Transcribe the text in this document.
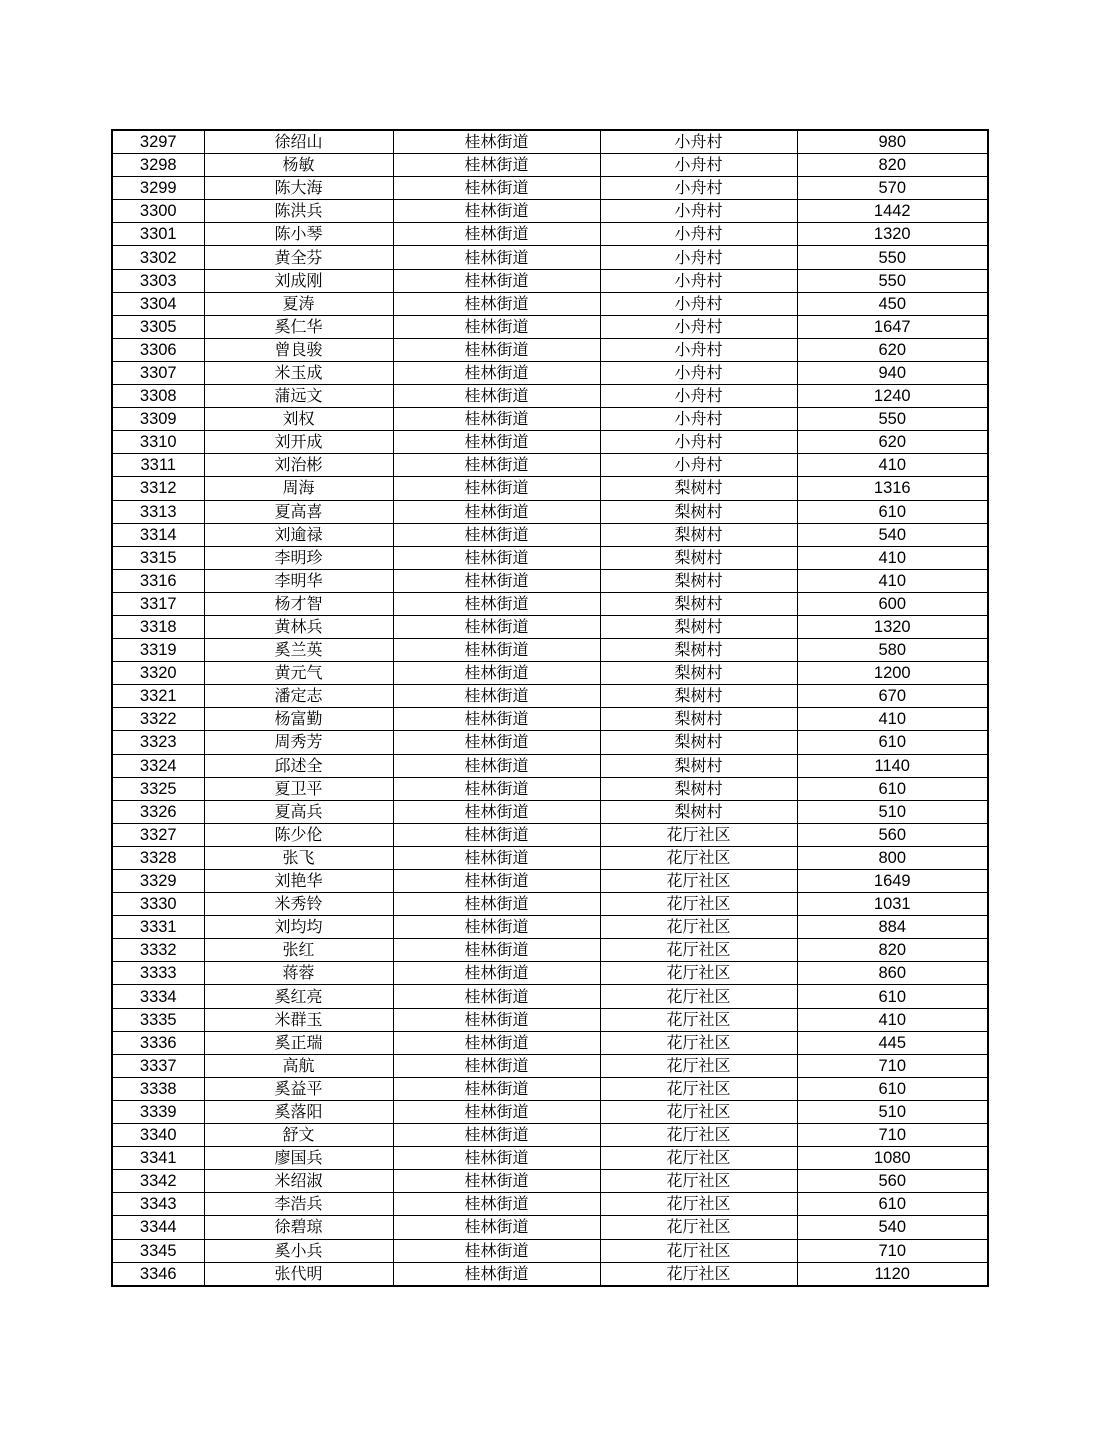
3297	徐绍山	桂林街道	小舟村	980
3298	杨敏	桂林街道	小舟村	820
3299	陈大海	桂林街道	小舟村	570
3300	陈洪兵	桂林街道	小舟村	1442
3301	陈小琴	桂林街道	小舟村	1320
3302	黄全芬	桂林街道	小舟村	550
3303	刘成刚	桂林街道	小舟村	550
3304	夏涛	桂林街道	小舟村	450
3305	奚仁华	桂林街道	小舟村	1647
3306	曾良骏	桂林街道	小舟村	620
3307	米玉成	桂林街道	小舟村	940
3308	蒲远文	桂林街道	小舟村	1240
3309	刘权	桂林街道	小舟村	550
3310	刘开成	桂林街道	小舟村	620
3311	刘治彬	桂林街道	小舟村	410
3312	周海	桂林街道	梨树村	1316
3313	夏高喜	桂林街道	梨树村	610
3314	刘逾禄	桂林街道	梨树村	540
3315	李明珍	桂林街道	梨树村	410
3316	李明华	桂林街道	梨树村	410
3317	杨才智	桂林街道	梨树村	600
3318	黄林兵	桂林街道	梨树村	1320
3319	奚兰英	桂林街道	梨树村	580
3320	黄元气	桂林街道	梨树村	1200
3321	潘定志	桂林街道	梨树村	670
3322	杨富勤	桂林街道	梨树村	410
3323	周秀芳	桂林街道	梨树村	610
3324	邱述全	桂林街道	梨树村	1140
3325	夏卫平	桂林街道	梨树村	610
3326	夏高兵	桂林街道	梨树村	510
3327	陈少伦	桂林街道	花厅社区	560
3328	张飞	桂林街道	花厅社区	800
3329	刘艳华	桂林街道	花厅社区	1649
3330	米秀铃	桂林街道	花厅社区	1031
3331	刘均均	桂林街道	花厅社区	884
3332	张红	桂林街道	花厅社区	820
3333	蒋蓉	桂林街道	花厅社区	860
3334	奚红亮	桂林街道	花厅社区	610
3335	米群玉	桂林街道	花厅社区	410
3336	奚正瑞	桂林街道	花厅社区	445
3337	高航	桂林街道	花厅社区	710
3338	奚益平	桂林街道	花厅社区	610
3339	奚落阳	桂林街道	花厅社区	510
3340	舒文	桂林街道	花厅社区	710
3341	廖国兵	桂林街道	花厅社区	1080
3342	米绍淑	桂林街道	花厅社区	560
3343	李浩兵	桂林街道	花厅社区	610
3344	徐碧琼	桂林街道	花厅社区	540
3345	奚小兵	桂林街道	花厅社区	710
3346	张代明	桂林街道	花厅社区	1120
